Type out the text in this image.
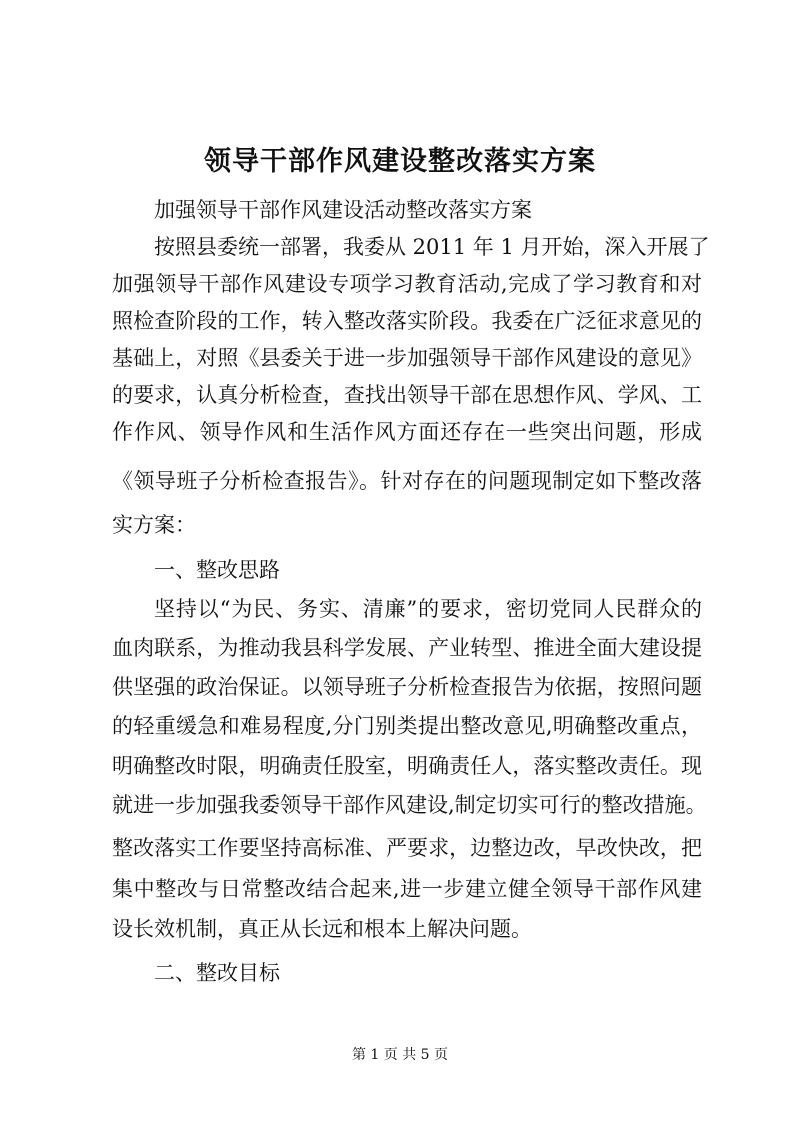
领导干部作风建设整改落实方案

加强领导干部作风建设活动整改落实方案

按照县委统一部署，我委从 2011 年 1 月开始，深入开展了

加强领导干部作风建设专项学习教育活动,完成了学习教育和对

照检查阶段的工作，转入整改落实阶段。我委在广泛征求意见的

基础上，对照《县委关于进一步加强领导干部作风建设的意见》

的要求，认真分析检查，查找出领导干部在思想作风、学风、工

作作风、领导作风和生活作风方面还存在一些突出问题，形成

《领导班子分析检查报告》。针对存在的问题现制定如下整改落

实方案：

一、整改思路

坚持以“为民、务实、清廉”的要求，密切党同人民群众的

血肉联系，为推动我县科学发展、产业转型、推进全面大建设提

供坚强的政治保证。以领导班子分析检查报告为依据，按照问题

的轻重缓急和难易程度,分门别类提出整改意见,明确整改重点，

明确整改时限，明确责任股室，明确责任人，落实整改责任。现

就进一步加强我委领导干部作风建设,制定切实可行的整改措施。

整改落实工作要坚持高标准、严要求，边整边改，早改快改，把

集中整改与日常整改结合起来,进一步建立健全领导干部作风建

设长效机制，真正从长远和根本上解决问题。

二、整改目标

第 1 页 共 5 页
